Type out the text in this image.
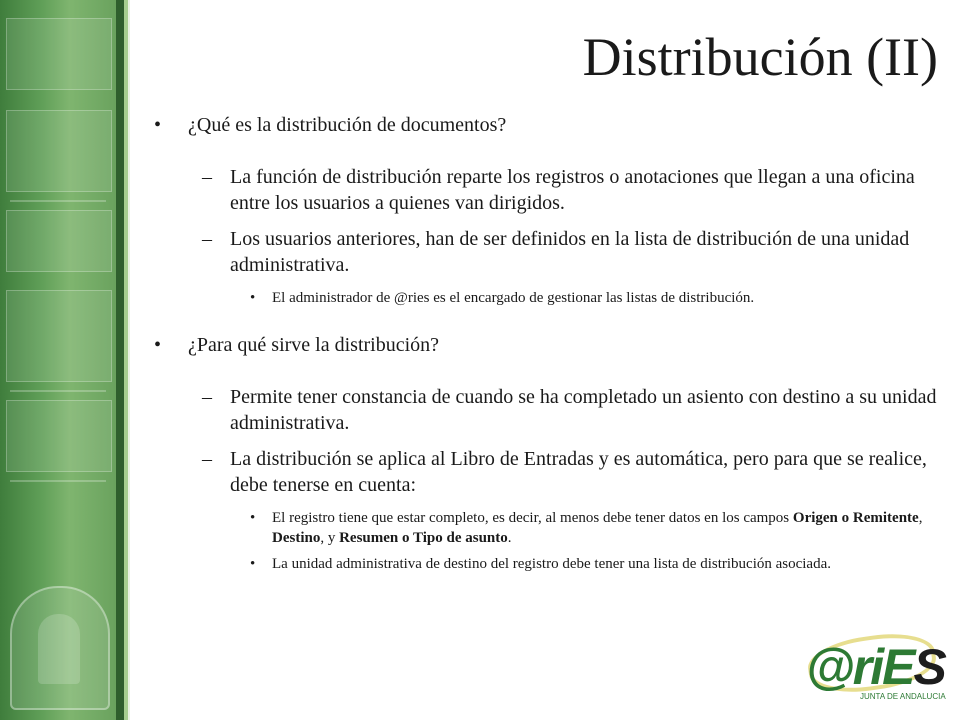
Distribución (II)
• ¿Qué es la distribución de documentos?
– La función de distribución reparte los registros o anotaciones que llegan a una oficina entre los usuarios a quienes van dirigidos.
– Los usuarios anteriores, han de ser definidos en la lista de distribución de una unidad administrativa.
• El administrador de @ries es el encargado de gestionar las listas de distribución.
• ¿Para qué sirve la distribución?
– Permite tener constancia de cuando se ha completado un asiento con destino a su unidad administrativa.
– La distribución se aplica al Libro de Entradas y es automática, pero para que se realice, debe tenerse en cuenta:
• El registro tiene que estar completo, es decir, al menos debe tener datos en los campos Origen o Remitente, Destino, y Resumen o Tipo de asunto.
• La unidad administrativa de destino del registro debe tener una lista de distribución asociada.
@riES
JUNTA DE ANDALUCIA
